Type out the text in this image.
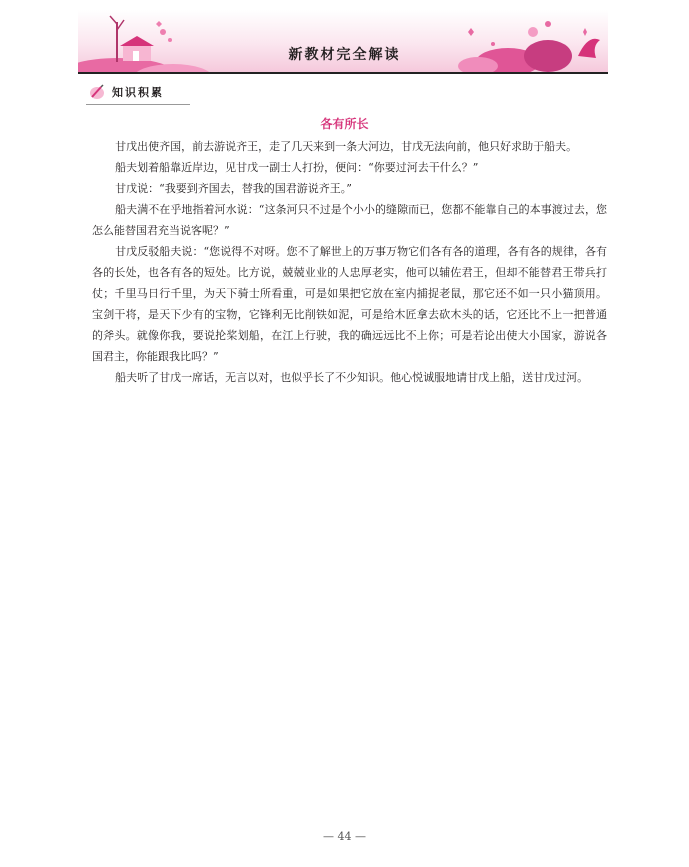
新教材完全解读
知识积累
各有所长

甘戊出使齐国，前去游说齐王，走了几天来到一条大河边，甘戊无法向前，他只好求助于船夫。

船夫划着船靠近岸边，见甘戊一副士人打扮，便问：“你要过河去干什么？”

甘戊说：“我要到齐国去，替我的国君游说齐王。”

船夫满不在乎地指着河水说：“这条河只不过是个小小的缝隙而已，您都不能靠自己的本事渡过去，您怎么能替国君充当说客呢？”

甘戊反驳船夫说：“您说得不对呀。您不了解世上的万事万物它们各有各的道理，各有各的规律，各有各的长处，也各有各的短处。比方说，兢兢业业的人忠厚老实，他可以辅佐君王，但却不能替君王带兵打仗；千里马日行千里，为天下骑士所看重，可是如果把它放在室内捕捉老鼠，那它还不如一只小猫顶用。宝剑干将，是天下少有的宝物，它锋利无比削铁如泥，可是给木匠拿去砍木头的话，它还比不上一把普通的斧头。就像你我，要说抡桨划船，在江上行驶，我的确远远比不上你；可是若论出使大小国家，游说各国君主，你能跟我比吗？”

船夫听了甘戊一席话，无言以对，也似乎长了不少知识。他心悦诚服地请甘戊上船，送甘戊过河。

— 44 —
